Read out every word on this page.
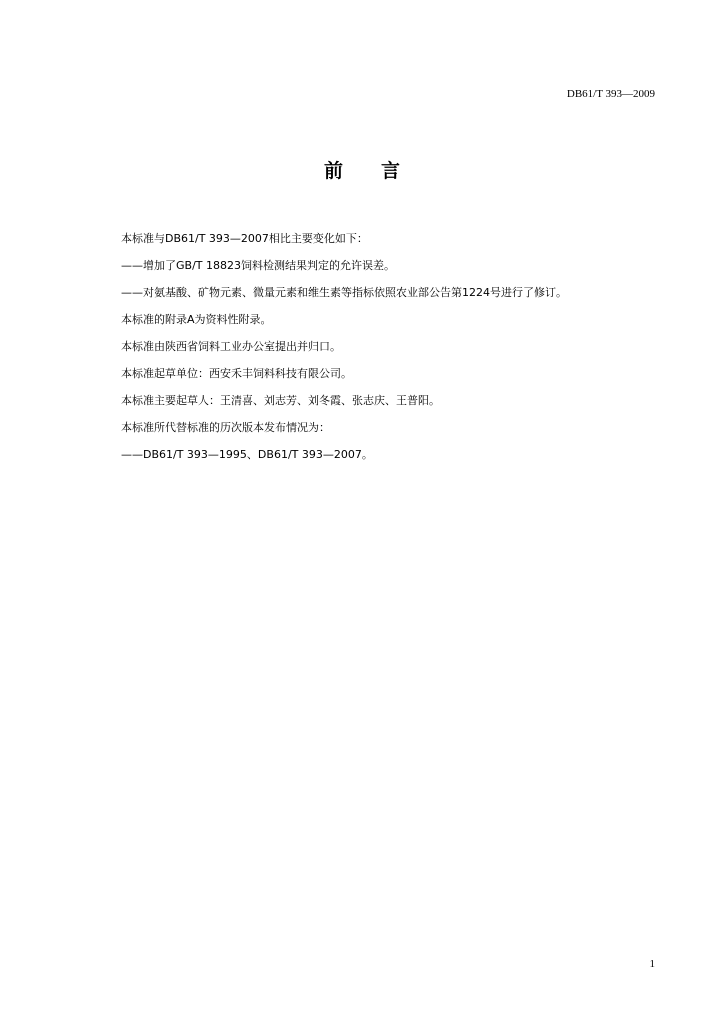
DB61/T 393—2009
前 言
本标准与DB61/T 393—2007相比主要变化如下：
——增加了GB/T 18823饲料检测结果判定的允许误差。
——对氨基酸、矿物元素、微量元素和维生素等指标依照农业部公告第1224号进行了修订。
本标准的附录A为资料性附录。
本标准由陕西省饲料工业办公室提出并归口。
本标准起草单位：西安禾丰饲料科技有限公司。
本标准主要起草人：王清喜、刘志芳、刘冬霞、张志庆、王普阳。
本标准所代替标准的历次版本发布情况为：
——DB61/T 393—1995、DB61/T 393—2007。
1
